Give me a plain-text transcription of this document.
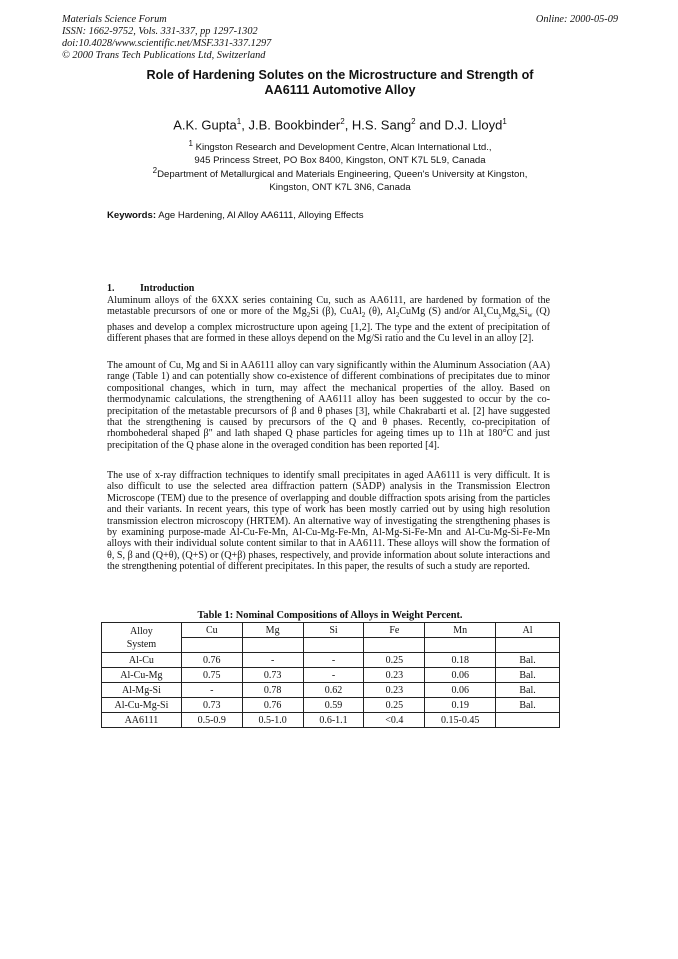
Materials Science Forum
ISSN: 1662-9752, Vols. 331-337, pp 1297-1302
doi:10.4028/www.scientific.net/MSF.331-337.1297
© 2000 Trans Tech Publications Ltd, Switzerland
Online: 2000-05-09
Role of Hardening Solutes on the Microstructure and Strength of
AA6111 Automotive Alloy
A.K. Gupta$^1$, J.B. Bookbinder$^2$, H.S. Sang$^2$ and D.J. Lloyd$^1$
$^1$ Kingston Research and Development Centre, Alcan International Ltd.,
945 Princess Street, PO Box 8400, Kingston, ONT K7L 5L9, Canada
$^2$Department of Metallurgical and Materials Engineering, Queen's University at Kingston,
Kingston, ONT K7L 3N6, Canada
Keywords: Age Hardening, Al Alloy AA6111, Alloying Effects
1.	Introduction
Aluminum alloys of the 6XXX series containing Cu, such as AA6111, are hardened by formation of the metastable precursors of one or more of the $Mg_2Si$ (β), CuAl$_2$ (θ), $Al_2CuMg$ (S) and/or $Al_xCu_yMg_zSi_w$ (Q) phases and develop a complex microstructure upon ageing [1,2]. The type and the extent of precipitation of different phases that are formed in these alloys depend on the Mg/Si ratio and the Cu level in an alloy [2].
The amount of Cu, Mg and Si in AA6111 alloy can vary significantly within the Aluminum Association (AA) range (Table 1) and can potentially show co-existence of different combinations of precipitates due to minor compositional changes, which in turn, may affect the mechanical properties of the alloy. Based on thermodynamic calculations, the strengthening of AA6111 alloy has been suggested to occur by the co-precipitation of the metastable precursors of β and θ phases [3], while Chakrabarti et al. [2] have suggested that the strengthening is caused by precursors of the Q and θ phases. Recently, co-precipitation of rhombohederal shaped β" and lath shaped Q phase particles for ageing times up to 11h at 180°C and just precipitation of the Q phase alone in the overaged condition has been reported [4].
The use of x-ray diffraction techniques to identify small precipitates in aged AA6111 is very difficult. It is also difficult to use the selected area diffraction pattern (SADP) analysis in the Transmission Electron Microscope (TEM) due to the presence of overlapping and double diffraction spots arising from the particles and their variants. In recent years, this type of work has been mostly carried out by using high resolution transmission electron microscopy (HRTEM). An alternative way of investigating the strengthening phases is by examining purpose-made Al-Cu-Fe-Mn, Al-Cu-Mg-Fe-Mn, Al-Mg-Si-Fe-Mn and Al-Cu-Mg-Si-Fe-Mn alloys with their individual solute content similar to that in AA6111. These alloys will show the formation of θ, S, β and (Q+θ), (Q+S) or (Q+β) phases, respectively, and provide information about solute interactions and the strengthening potential of different precipitates. In this paper, the results of such a study are reported.
Table 1: Nominal Compositions of Alloys in Weight Percent.
Alloy
System	Cu	Mg	Si	Fe	Mn	Al

Al-Cu	0.76	-	-	0.25	0.18	Bal.
Al-Cu-Mg	0.75	0.73	-	0.23	0.06	Bal.
Al-Mg-Si	-	0.78	0.62	0.23	0.06	Bal.
Al-Cu-Mg-Si	0.73	0.76	0.59	0.25	0.19	Bal.
AA6111	0.5-0.9	0.5-1.0	0.6-1.1	<0.4	0.15-0.45	
